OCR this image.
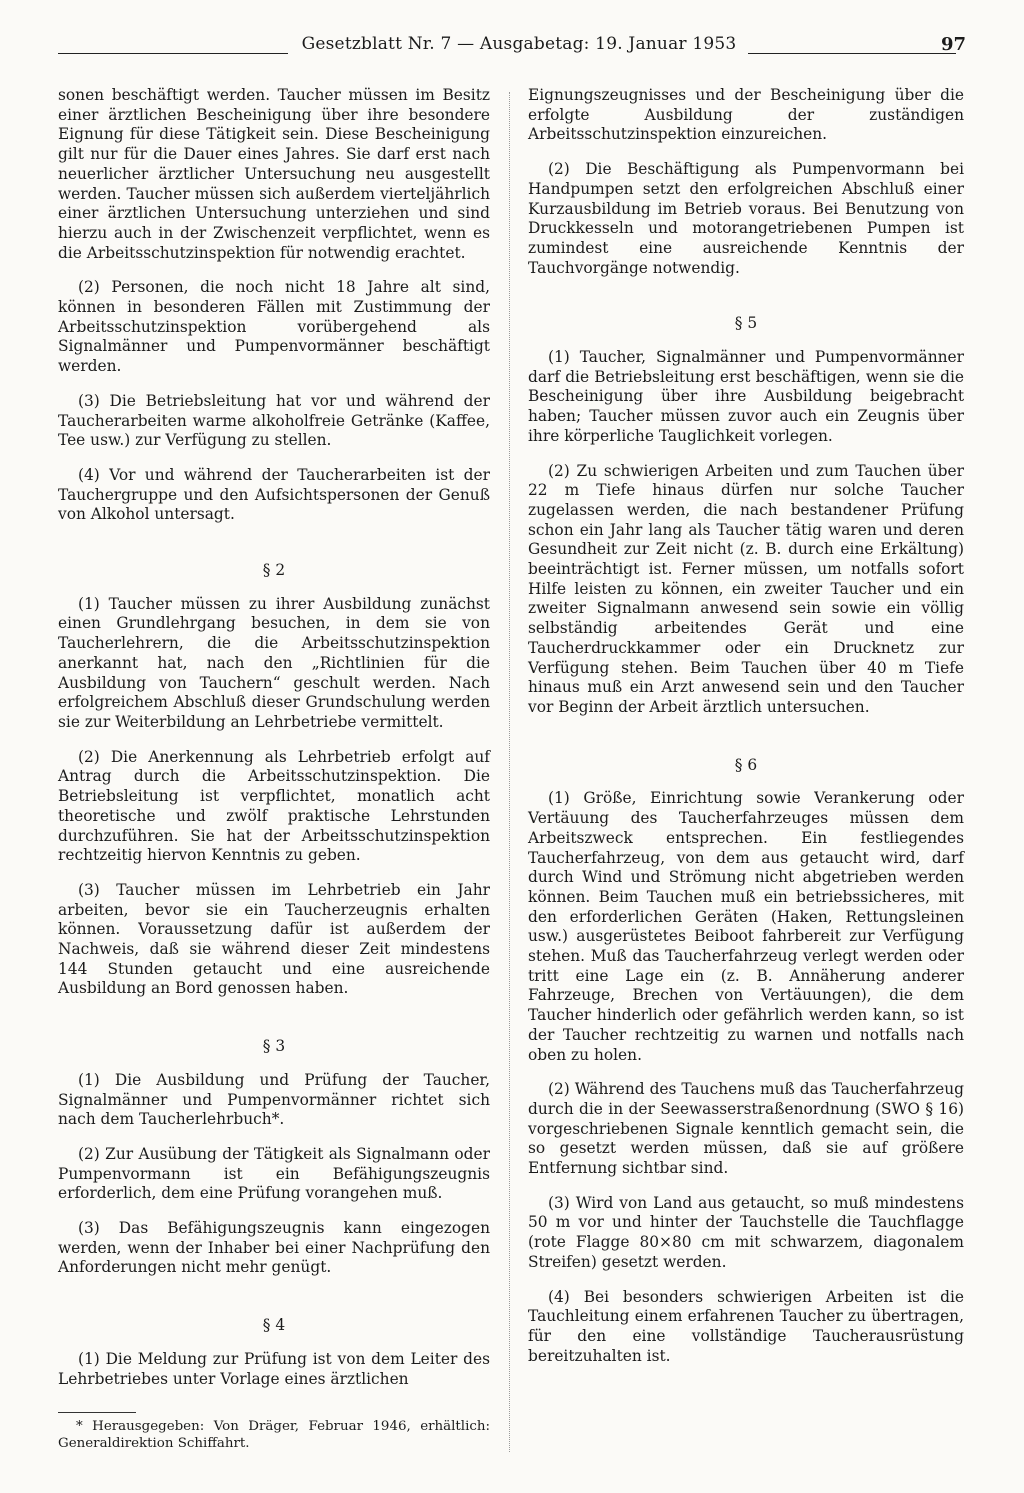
Gesetzblatt Nr. 7 — Ausgabetag: 19. Januar 1953	97

sonen beschäftigt werden. Taucher müssen im Besitz einer ärztlichen Bescheinigung über ihre besondere Eignung für diese Tätigkeit sein. Diese Bescheinigung gilt nur für die Dauer eines Jahres. Sie darf erst nach neuerlicher ärztlicher Untersuchung neu ausgestellt werden. Taucher müssen sich außerdem vierteljährlich einer ärztlichen Untersuchung unterziehen und sind hierzu auch in der Zwischenzeit verpflichtet, wenn es die Arbeitsschutzinspektion für notwendig erachtet.

(2) Personen, die noch nicht 18 Jahre alt sind, können in besonderen Fällen mit Zustimmung der Arbeitsschutzinspektion vorübergehend als Signalmänner und Pumpenvormänner beschäftigt werden.

(3) Die Betriebsleitung hat vor und während der Taucherarbeiten warme alkoholfreie Getränke (Kaffee, Tee usw.) zur Verfügung zu stellen.

(4) Vor und während der Taucherarbeiten ist der Tauchergruppe und den Aufsichtspersonen der Genuß von Alkohol untersagt.

§ 2

(1) Taucher müssen zu ihrer Ausbildung zunächst einen Grundlehrgang besuchen, in dem sie von Taucherlehrern, die die Arbeitsschutzinspektion anerkannt hat, nach den „Richtlinien für die Ausbildung von Tauchern“ geschult werden. Nach erfolgreichem Abschluß dieser Grundschulung werden sie zur Weiterbildung an Lehrbetriebe vermittelt.

(2) Die Anerkennung als Lehrbetrieb erfolgt auf Antrag durch die Arbeitsschutzinspektion. Die Betriebsleitung ist verpflichtet, monatlich acht theoretische und zwölf praktische Lehrstunden durchzuführen. Sie hat der Arbeitsschutzinspektion rechtzeitig hiervon Kenntnis zu geben.

(3) Taucher müssen im Lehrbetrieb ein Jahr arbeiten, bevor sie ein Taucherzeugnis erhalten können. Voraussetzung dafür ist außerdem der Nachweis, daß sie während dieser Zeit mindestens 144 Stunden getaucht und eine ausreichende Ausbildung an Bord genossen haben.

§ 3

(1) Die Ausbildung und Prüfung der Taucher, Signalmänner und Pumpenvormänner richtet sich nach dem Taucherlehrbuch*.

(2) Zur Ausübung der Tätigkeit als Signalmann oder Pumpenvormann ist ein Befähigungszeugnis erforderlich, dem eine Prüfung vorangehen muß.

(3) Das Befähigungszeugnis kann eingezogen werden, wenn der Inhaber bei einer Nachprüfung den Anforderungen nicht mehr genügt.

§ 4

(1) Die Meldung zur Prüfung ist von dem Leiter des Lehrbetriebes unter Vorlage eines ärztlichen

* Herausgegeben: Von Dräger, Februar 1946, erhältlich: Generaldirektion Schiffahrt.

Eignungszeugnisses und der Bescheinigung über die erfolgte Ausbildung der zuständigen Arbeitsschutzinspektion einzureichen.

(2) Die Beschäftigung als Pumpenvormann bei Handpumpen setzt den erfolgreichen Abschluß einer Kurzausbildung im Betrieb voraus. Bei Benutzung von Druckkesseln und motorangetriebenen Pumpen ist zumindest eine ausreichende Kenntnis der Tauchvorgänge notwendig.

§ 5

(1) Taucher, Signalmänner und Pumpenvormänner darf die Betriebsleitung erst beschäftigen, wenn sie die Bescheinigung über ihre Ausbildung beigebracht haben; Taucher müssen zuvor auch ein Zeugnis über ihre körperliche Tauglichkeit vorlegen.

(2) Zu schwierigen Arbeiten und zum Tauchen über 22 m Tiefe hinaus dürfen nur solche Taucher zugelassen werden, die nach bestandener Prüfung schon ein Jahr lang als Taucher tätig waren und deren Gesundheit zur Zeit nicht (z. B. durch eine Erkältung) beeinträchtigt ist. Ferner müssen, um notfalls sofort Hilfe leisten zu können, ein zweiter Taucher und ein zweiter Signalmann anwesend sein sowie ein völlig selbständig arbeitendes Gerät und eine Taucherdruckkammer oder ein Drucknetz zur Verfügung stehen. Beim Tauchen über 40 m Tiefe hinaus muß ein Arzt anwesend sein und den Taucher vor Beginn der Arbeit ärztlich untersuchen.

§ 6

(1) Größe, Einrichtung sowie Verankerung oder Vertäuung des Taucherfahrzeuges müssen dem Arbeitszweck entsprechen. Ein festliegendes Taucherfahrzeug, von dem aus getaucht wird, darf durch Wind und Strömung nicht abgetrieben werden können. Beim Tauchen muß ein betriebssicheres, mit den erforderlichen Geräten (Haken, Rettungsleinen usw.) ausgerüstetes Beiboot fahrbereit zur Verfügung stehen. Muß das Taucherfahrzeug verlegt werden oder tritt eine Lage ein (z. B. Annäherung anderer Fahrzeuge, Brechen von Vertäuungen), die dem Taucher hinderlich oder gefährlich werden kann, so ist der Taucher rechtzeitig zu warnen und notfalls nach oben zu holen.

(2) Während des Tauchens muß das Taucherfahrzeug durch die in der Seewasserstraßenordnung (SWO § 16) vorgeschriebenen Signale kenntlich gemacht sein, die so gesetzt werden müssen, daß sie auf größere Entfernung sichtbar sind.

(3) Wird von Land aus getaucht, so muß mindestens 50 m vor und hinter der Tauchstelle die Tauchflagge (rote Flagge 80×80 cm mit schwarzem, diagonalem Streifen) gesetzt werden.

(4) Bei besonders schwierigen Arbeiten ist die Tauchleitung einem erfahrenen Taucher zu übertragen, für den eine vollständige Taucherausrüstung bereitzuhalten ist.
